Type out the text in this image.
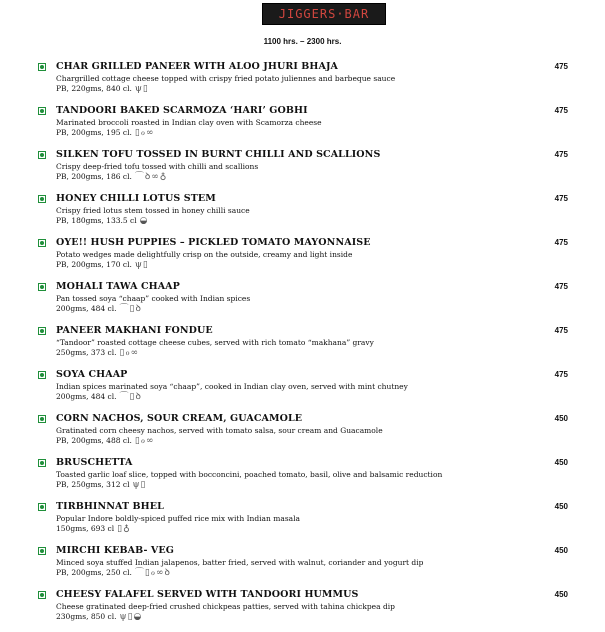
JIGGERS·BAR
1100 hrs. – 2300 hrs.
CHAR GRILLED PANEER WITH ALOO JHURI BHAJA	475
Chargrilled cottage cheese topped with crispy fried potato juliennes and barbeque sauce
PB, 220gms, 840 cl. ψ ▯
TANDOORI BAKED SCARMOZA ‘HARI’ GOBHI	475
Marinated broccoli roasted in Indian clay oven with Scamorza cheese
PB, 200gms, 195 cl. ▯ ℴ ∞
SILKEN TOFU TOSSED IN BURNT CHILLI AND SCALLIONS	475
Crispy deep-fried tofu tossed with chilli and scallions
PB, 200gms, 186 cl. ⌒ ꝺ ∞ ♁
HONEY CHILLI LOTUS STEM	475
Crispy fried lotus stem tossed in honey chilli sauce
PB, 180gms, 133.5 cl ◒
OYE!! HUSH PUPPIES – PICKLED TOMATO MAYONNAISE	475
Potato wedges made delightfully crisp on the outside, creamy and light inside
PB, 200gms, 170 cl. ψ ▯
MOHALI TAWA CHAAP	475
Pan tossed soya “chaap” cooked with Indian spices
200gms, 484 cl. ⌒ ▯ ꝺ
PANEER MAKHANI FONDUE	475
“Tandoor” roasted cottage cheese cubes, served with rich tomato “makhana” gravy
250gms, 373 cl. ▯ ℴ ∞
SOYA CHAAP	475
Indian spices marinated soya “chaap”, cooked in Indian clay oven, served with mint chutney
200gms, 484 cl. ⌒ ▯ ꝺ
CORN NACHOS, SOUR CREAM, GUACAMOLE	450
Gratinated corn cheesy nachos, served with tomato salsa, sour cream and Guacamole
PB, 200gms, 488 cl. ▯ ℴ ∞
BRUSCHETTA	450
Toasted garlic loaf slice, topped with bocconcini, poached tomato, basil, olive and balsamic reduction
PB, 250gms, 312 cl ψ ▯
TIRBHINNAT BHEL	450
Popular Indore boldly-spiced puffed rice mix with Indian masala
150gms, 693 cl ▯ ♁
MIRCHI KEBAB- VEG	450
Minced soya stuffed Indian jalapenos, batter fried, served with walnut, coriander and yogurt dip
PB, 200gms, 250 cl. ⌒ ▯ ℴ ∞ ꝺ
CHEESY FALAFEL SERVED WITH TANDOORI HUMMUS	450
Cheese gratinated deep-fried crushed chickpeas patties, served with tahina chickpea dip
230gms, 850 cl. ψ ▯ ◒
